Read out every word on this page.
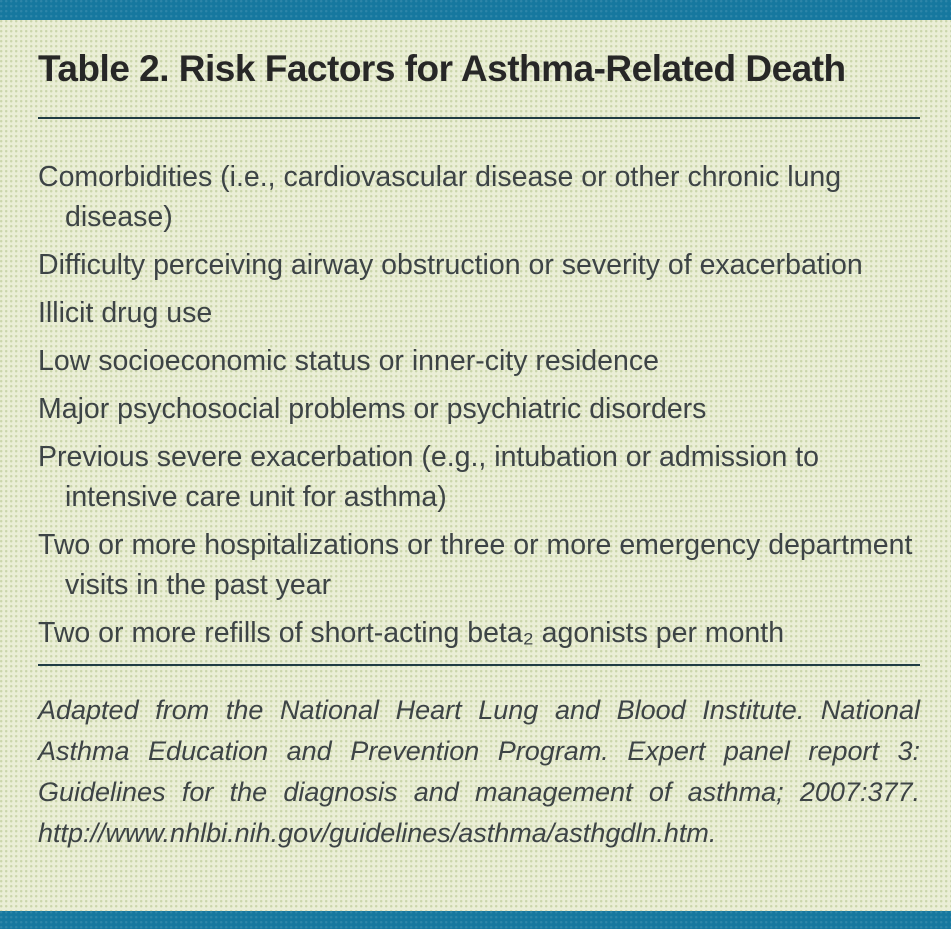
Table 2. Risk Factors for Asthma-Related Death
Comorbidities (i.e., cardiovascular disease or other chronic lung disease)
Difficulty perceiving airway obstruction or severity of exacerbation
Illicit drug use
Low socioeconomic status or inner-city residence
Major psychosocial problems or psychiatric disorders
Previous severe exacerbation (e.g., intubation or admission to intensive care unit for asthma)
Two or more hospitalizations or three or more emergency department visits in the past year
Two or more refills of short-acting beta₂ agonists per month

Adapted from the National Heart Lung and Blood Institute. National Asthma Education and Prevention Program. Expert panel report 3: Guidelines for the diagnosis and management of asthma; 2007:377. http://www.nhlbi.nih.gov/guidelines/asthma/asthgdln.htm.
